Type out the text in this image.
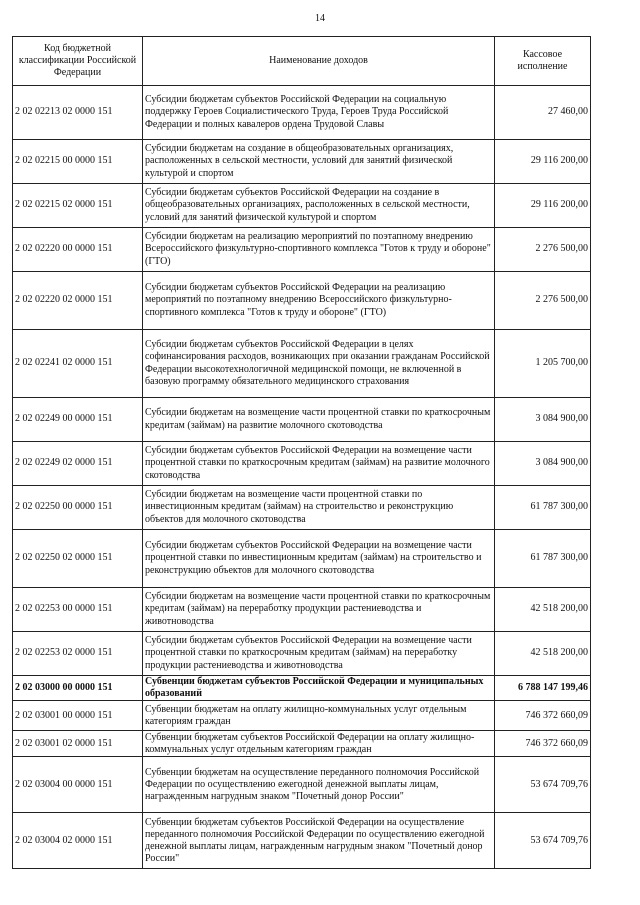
14
Код бюджетной классификации Российской Федерации	Наименование доходов	Кассовое исполнение
2 02 02213 02 0000 151	Субсидии бюджетам субъектов Российской Федерации на социальную поддержку Героев Социалистического Труда, Героев Труда Российской Федерации и полных кавалеров ордена Трудовой Славы	27 460,00
2 02 02215 00 0000 151	Субсидии бюджетам на создание в общеобразовательных организациях, расположенных в сельской местности, условий для занятий физической культурой и спортом	29 116 200,00
2 02 02215 02 0000 151	Субсидии бюджетам субъектов Российской Федерации на создание в общеобразовательных организациях, расположенных в сельской местности, условий для занятий физической культурой и спортом	29 116 200,00
2 02 02220 00 0000 151	Субсидии бюджетам на реализацию мероприятий по поэтапному внедрению Всероссийского физкультурно-спортивного комплекса "Готов к труду и обороне" (ГТО)	2 276 500,00
2 02 02220 02 0000 151	Субсидии бюджетам субъектов Российской Федерации на реализацию мероприятий по поэтапному внедрению Всероссийского физкультурно-спортивного комплекса "Готов к труду и обороне" (ГТО)	2 276 500,00
2 02 02241 02 0000 151	Субсидии бюджетам субъектов Российской Федерации в целях софинансирования расходов, возникающих при оказании гражданам Российской Федерации высокотехнологичной медицинской помощи, не включенной в базовую программу обязательного медицинского страхования	1 205 700,00
2 02 02249 00 0000 151	Субсидии бюджетам на возмещение части процентной ставки по краткосрочным кредитам (займам) на развитие молочного скотоводства	3 084 900,00
2 02 02249 02 0000 151	Субсидии бюджетам субъектов Российской Федерации на возмещение части процентной ставки по краткосрочным кредитам (займам) на развитие молочного скотоводства	3 084 900,00
2 02 02250 00 0000 151	Субсидии бюджетам на возмещение части процентной ставки по инвестиционным кредитам (займам) на строительство и реконструкцию объектов для молочного скотоводства	61 787 300,00
2 02 02250 02 0000 151	Субсидии бюджетам субъектов Российской Федерации на возмещение части процентной ставки по инвестиционным кредитам (займам) на строительство и реконструкцию объектов для молочного скотоводства	61 787 300,00
2 02 02253 00 0000 151	Субсидии бюджетам на возмещение части процентной ставки по краткосрочным кредитам (займам) на переработку продукции растениеводства и животноводства	42 518 200,00
2 02 02253 02 0000 151	Субсидии бюджетам субъектов Российской Федерации на возмещение части процентной ставки по краткосрочным кредитам (займам) на переработку продукции растениеводства и животноводства	42 518 200,00
2 02 03000 00 0000 151	Субвенции бюджетам субъектов Российской Федерации и муниципальных образований	6 788 147 199,46
2 02 03001 00 0000 151	Субвенции бюджетам на оплату жилищно-коммунальных услуг отдельным категориям граждан	746 372 660,09
2 02 03001 02 0000 151	Субвенции бюджетам субъектов Российской Федерации на оплату жилищно-коммунальных услуг отдельным категориям граждан	746 372 660,09
2 02 03004 00 0000 151	Субвенции бюджетам на осуществление переданного полномочия Российской Федерации по осуществлению ежегодной денежной выплаты лицам, награжденным нагрудным знаком "Почетный донор России"	53 674 709,76
2 02 03004 02 0000 151	Субвенции бюджетам субъектов Российской Федерации на осуществление переданного полномочия Российской Федерации по осуществлению ежегодной денежной выплаты лицам, награжденным нагрудным знаком "Почетный донор России"	53 674 709,76
